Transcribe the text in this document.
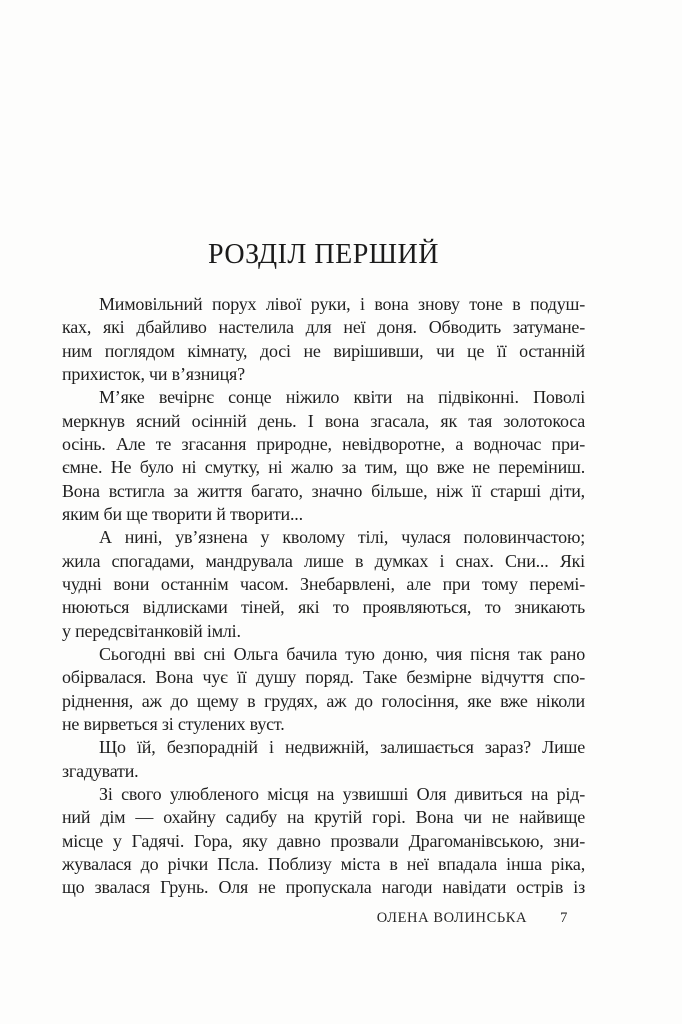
РОЗДІЛ ПЕРШИЙ
Мимовільний порух лівої руки, і вона знову тоне в подуш-
ках, які дбайливо настелила для неї доня. Обводить затумане-
ним поглядом кімнату, досі не вирішивши, чи це її останній
прихисток, чи в’язниця?
М’яке вечірнє сонце ніжило квіти на підвіконні. Поволі
меркнув ясний осінній день. І вона згасала, як тая золотокоса
осінь. Але те згасання природне, невідворотне, а водночас при-
ємне. Не було ні смутку, ні жалю за тим, що вже не переміниш.
Вона встигла за життя багато, значно більше, ніж її старші діти,
яким би ще творити й творити...
А нині, ув’язнена у кволому тілі, чулася половинчастою;
жила спогадами, мандрувала лише в думках і снах. Сни... Які
чудні вони останнім часом. Знебарвлені, але при тому перемі-
нюються відлисками тіней, які то проявляються, то зникають
у передсвітанковій імлі.
Сьогодні вві сні Ольга бачила тую доню, чия пісня так рано
обірвалася. Вона чує її душу поряд. Таке безмірне відчуття спо-
ріднення, аж до щему в грудях, аж до голосіння, яке вже ніколи
не вирветься зі стулених вуст.
Що їй, безпорадній і недвижній, залишається зараз? Лише
згадувати.
Зі свого улюбленого місця на узвишші Оля дивиться на рід-
ний дім — охайну садибу на крутій горі. Вона чи не найвище
місце у Гадячі. Гора, яку давно прозвали Драгоманівською, зни-
жувалася до річки Псла. Поблизу міста в неї впадала інша ріка,
що звалася Грунь. Оля не пропускала нагоди навідати острів із
ОЛЕНА ВОЛИНСЬКА 7
